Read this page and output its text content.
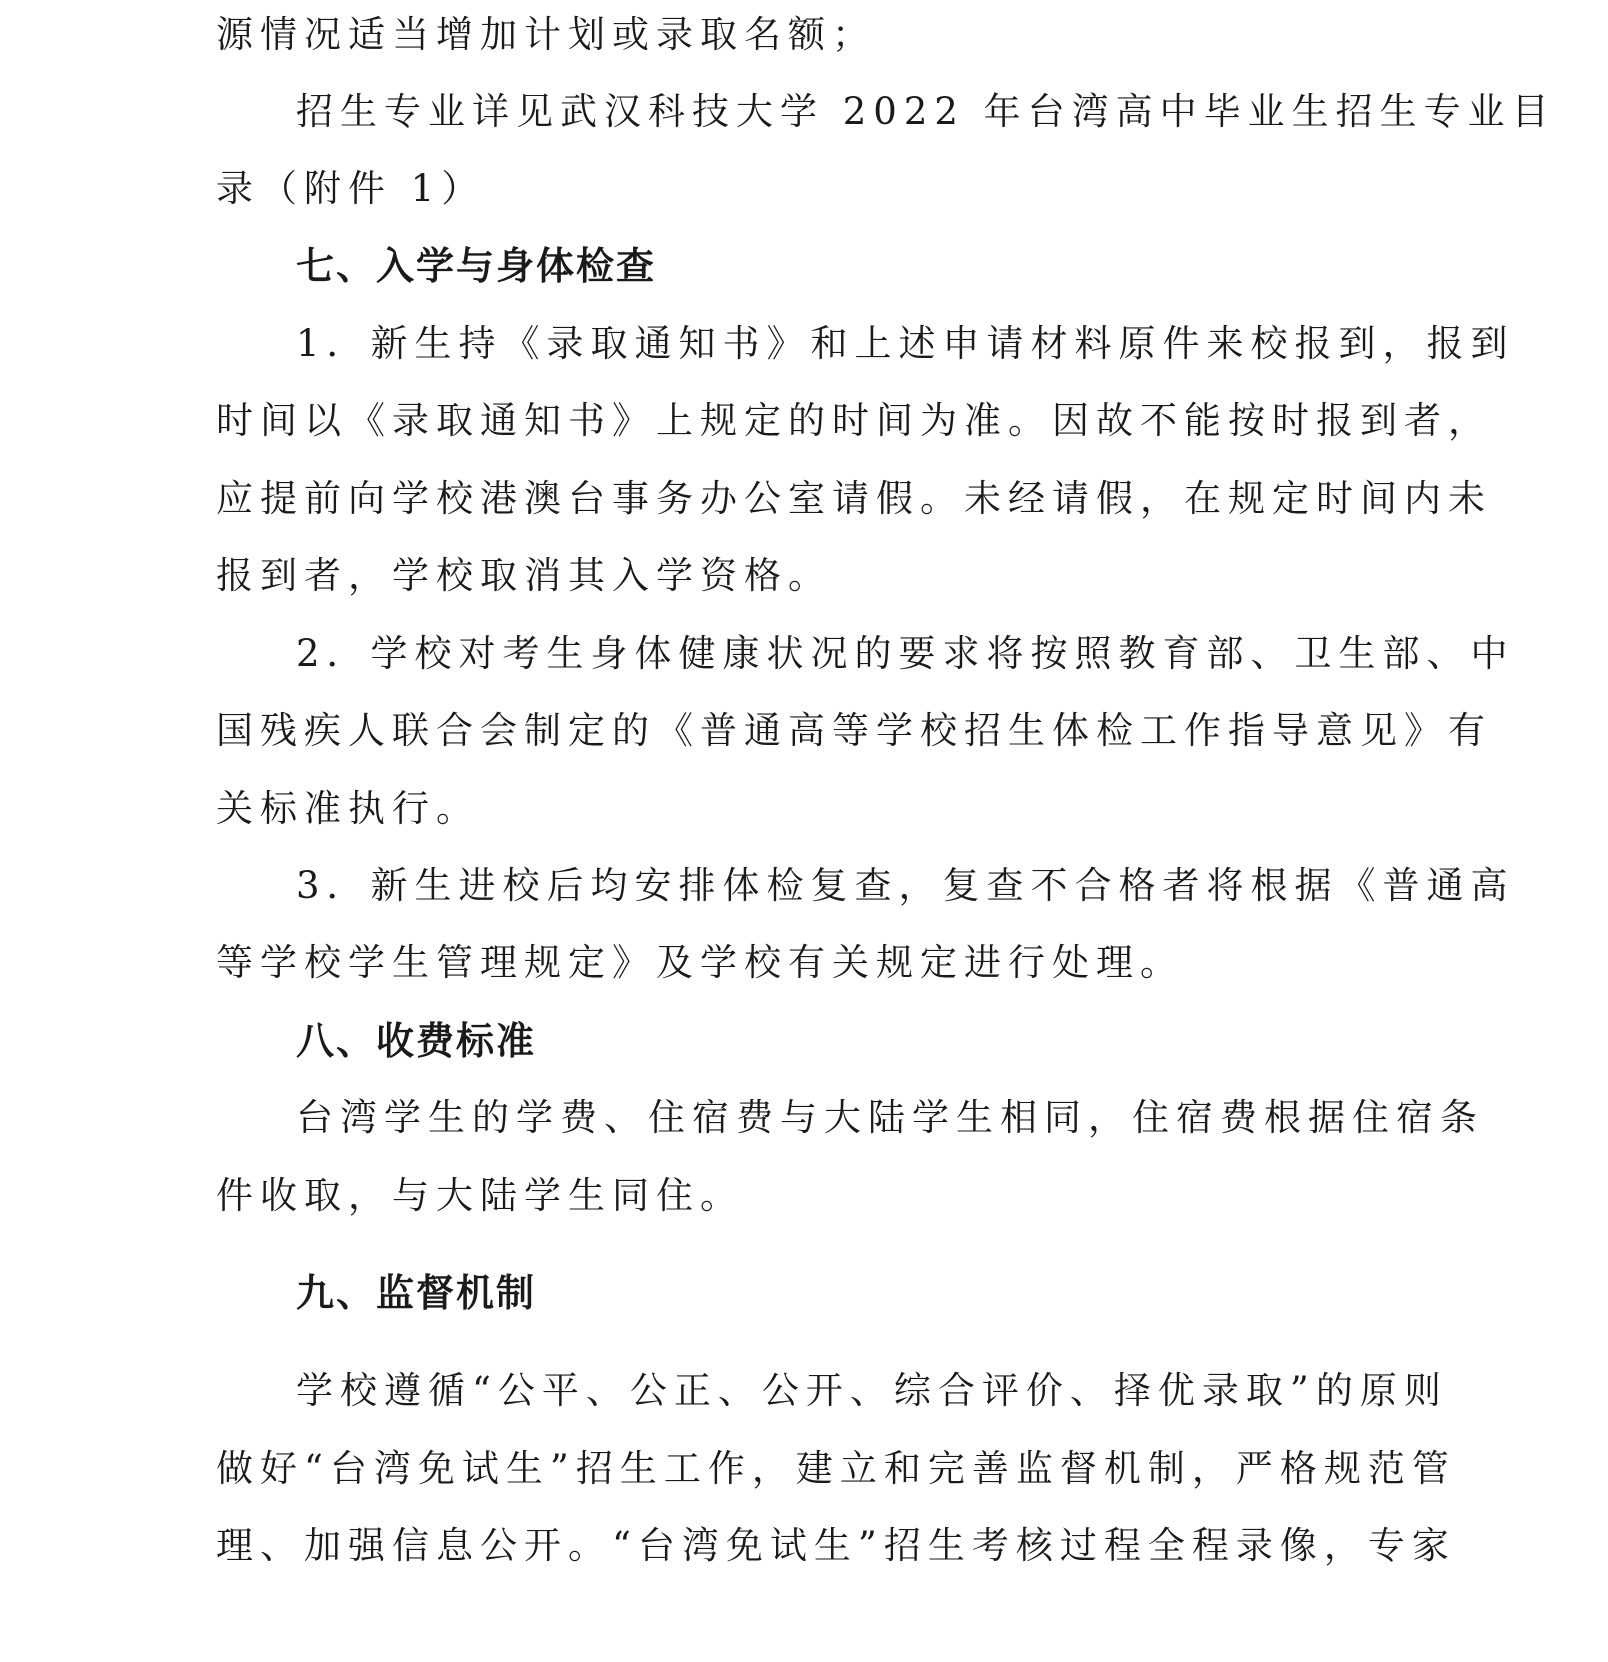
源情况适当增加计划或录取名额；
招生专业详见武汉科技大学 2022 年台湾高中毕业生招生专业目
录（附件 1）
七、入学与身体检查
1．新生持《录取通知书》和上述申请材料原件来校报到，报到
时间以《录取通知书》上规定的时间为准。因故不能按时报到者，
应提前向学校港澳台事务办公室请假。未经请假，在规定时间内未
报到者，学校取消其入学资格。
2．学校对考生身体健康状况的要求将按照教育部、卫生部、中
国残疾人联合会制定的《普通高等学校招生体检工作指导意见》有
关标准执行。
3．新生进校后均安排体检复查，复查不合格者将根据《普通高
等学校学生管理规定》及学校有关规定进行处理。
八、收费标准
台湾学生的学费、住宿费与大陆学生相同，住宿费根据住宿条
件收取，与大陆学生同住。
九、监督机制
学校遵循“公平、公正、公开、综合评价、择优录取”的原则
做好“台湾免试生”招生工作，建立和完善监督机制，严格规范管
理、加强信息公开。“台湾免试生”招生考核过程全程录像，专家
